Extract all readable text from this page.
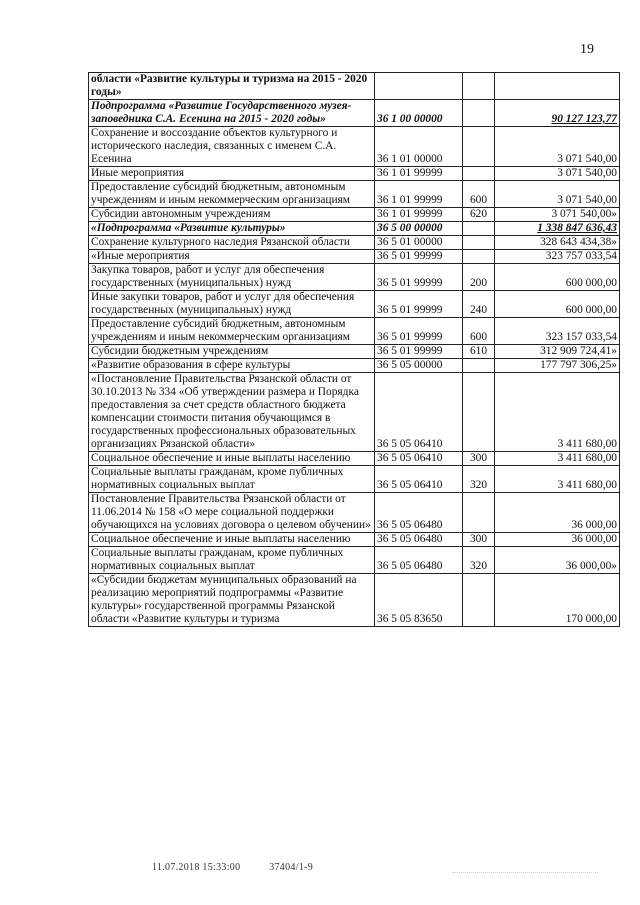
19
области «Развитие культуры и туризма на 2015 - 2020 годы»			
Подпрограмма «Развитие Государственного музея-заповедника С.А. Есенина на 2015 - 2020 годы»	36 1 00 00000		90 127 123,77
Сохранение и воссоздание объектов культурного и исторического наследия, связанных с именем С.А. Есенина	36 1 01 00000		3 071 540,00
Иные мероприятия	36 1 01 99999		3 071 540,00
Предоставление субсидий бюджетным, автономным учреждениям и иным некоммерческим организациям	36 1 01 99999	600	3 071 540,00
Субсидии автономным учреждениям	36 1 01 99999	620	3 071 540,00»
«Подпрограмма «Развитие культуры»	36 5 00 00000		1 338 847 636,43
Сохранение культурного наследия Рязанской области	36 5 01 00000		328 643 434,38»
«Иные мероприятия	36 5 01 99999		323 757 033,54
Закупка товаров, работ и услуг для обеспечения государственных (муниципальных) нужд	36 5 01 99999	200	600 000,00
Иные закупки товаров, работ и услуг для обеспечения государственных (муниципальных) нужд	36 5 01 99999	240	600 000,00
Предоставление субсидий бюджетным, автономным учреждениям и иным некоммерческим организациям	36 5 01 99999	600	323 157 033,54
Субсидии бюджетным учреждениям	36 5 01 99999	610	312 909 724,41»
«Развитие образования в сфере культуры	36 5 05 00000		177 797 306,25»
«Постановление Правительства Рязанской области от 30.10.2013 № 334 «Об утверждении размера и Порядка предоставления за счет средств областного бюджета компенсации стоимости питания обучающимся в государственных профессиональных образовательных организациях Рязанской области»	36 5 05 06410		3 411 680,00
Социальное обеспечение и иные выплаты населению	36 5 05 06410	300	3 411 680,00
Социальные выплаты гражданам, кроме публичных нормативных социальных выплат	36 5 05 06410	320	3 411 680,00
Постановление Правительства Рязанской области от 11.06.2014 № 158 «О мере социальной поддержки обучающихся на условиях договора о целевом обучении»	36 5 05 06480		36 000,00
Социальное обеспечение и иные выплаты населению	36 5 05 06480	300	36 000,00
Социальные выплаты гражданам, кроме публичных нормативных социальных выплат	36 5 05 06480	320	36 000,00»
«Субсидии бюджетам муниципальных образований на реализацию мероприятий подпрограммы «Развитие культуры» государственной программы Рязанской области «Развитие культуры и туризма	36 5 05 83650		170 000,00
11.07.2018 15:33:00	37404/1-9
